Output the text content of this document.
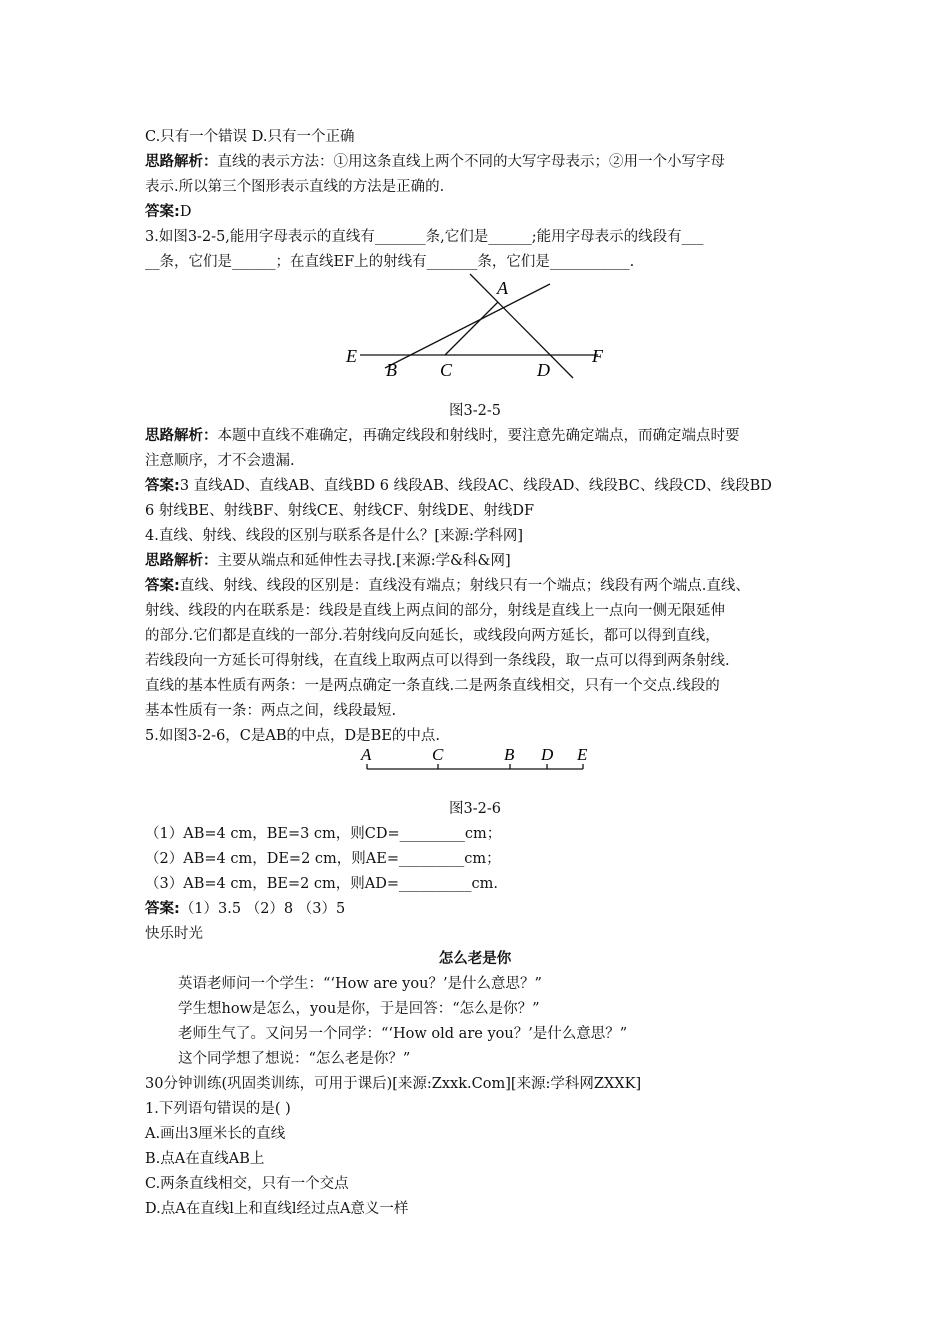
C.只有一个错误 D.只有一个正确
思路解析：直线的表示方法：①用这条直线上两个不同的大写字母表示；②用一个小写字母
表示.所以第三个图形表示直线的方法是正确的.
答案:D
3.如图3-2-5,能用字母表示的直线有_______条,它们是______;能用字母表示的线段有___
__条，它们是______；在直线EF上的射线有_______条，它们是___________.
A
B C	D
E	F
图3-2-5
思路解析：本题中直线不难确定，再确定线段和射线时，要注意先确定端点，而确定端点时要
注意顺序，才不会遗漏.
答案:3 直线AD、直线AB、直线BD 6 线段AB、线段AC、线段AD、线段BC、线段CD、线段BD
6 射线BE、射线BF、射线CE、射线CF、射线DE、射线DF
4.直线、射线、线段的区别与联系各是什么？[来源:学科网]
思路解析：主要从端点和延伸性去寻找.[来源:学&科&网]
答案:直线、射线、线段的区别是：直线没有端点；射线只有一个端点；线段有两个端点.直线、
射线、线段的内在联系是：线段是直线上两点间的部分，射线是直线上一点向一侧无限延伸
的部分.它们都是直线的一部分.若射线向反向延长，或线段向两方延长，都可以得到直线，
若线段向一方延长可得射线，在直线上取两点可以得到一条线段，取一点可以得到两条射线.
直线的基本性质有两条：一是两点确定一条直线.二是两条直线相交，只有一个交点.线段的
基本性质有一条：两点之间，线段最短.
5.如图3-2-6，C是AB的中点，D是BE的中点.
A	C	B D E
图3-2-6
（1）AB=4 cm，BE=3 cm，则CD=_________cm；
（2）AB=4 cm，DE=2 cm，则AE=_________cm；
（3）AB=4 cm，BE=2 cm，则AD=__________cm.
答案:（1）3.5 （2）8 （3）5
快乐时光
怎么老是你
英语老师问一个学生：“‘How are you？’是什么意思？”
学生想how是怎么，you是你，于是回答：“怎么是你？”
老师生气了。又问另一个同学：“‘How old are you？’是什么意思？”
这个同学想了想说：“怎么老是你？”
30分钟训练(巩固类训练，可用于课后)[来源:Zxxk.Com][来源:学科网ZXXK]
1.下列语句错误的是( )
A.画出3厘米长的直线
B.点A在直线AB上
C.两条直线相交，只有一个交点
D.点A在直线l上和直线l经过点A意义一样
